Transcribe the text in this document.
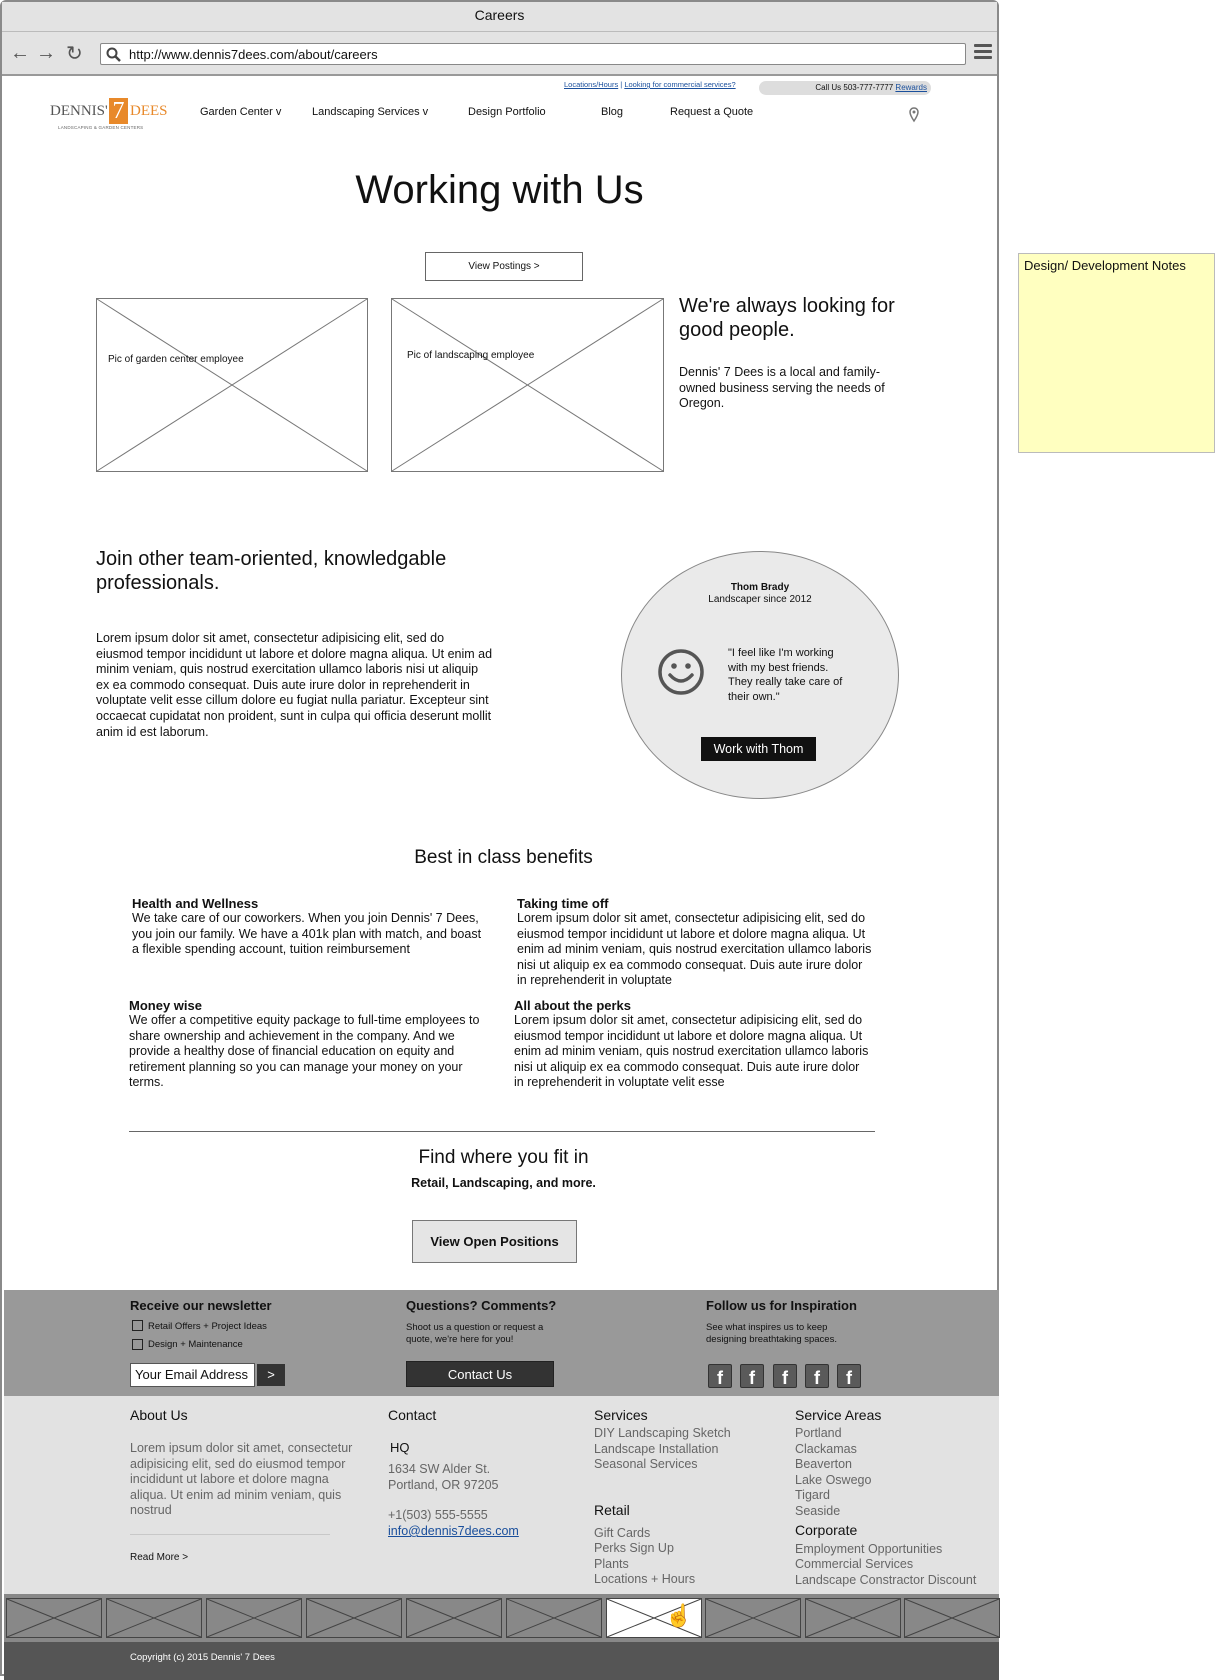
Careers
← → ↻	http://www.dennis7dees.com/about/careers
Locations/Hours | Looking for commercial services?	Call Us 503-777-7777 Rewards
DENNIS' 7 DEES
LANDSCAPING & GARDEN CENTERS
Garden Center v	Landscaping Services v	Design Portfolio	Blog	Request a Quote
Working with Us
View Postings >
Pic of garden center employee	Pic of landscaping employee
We're always looking for good people.
Dennis' 7 Dees is a local and family-owned business serving the needs of Oregon.
Join other team-oriented, knowledgable professionals.
Lorem ipsum dolor sit amet, consectetur adipisicing elit, sed do eiusmod tempor incididunt ut labore et dolore magna aliqua. Ut enim ad minim veniam, quis nostrud exercitation ullamco laboris nisi ut aliquip ex ea commodo consequat. Duis aute irure dolor in reprehenderit in voluptate velit esse cillum dolore eu fugiat nulla pariatur. Excepteur sint occaecat cupidatat non proident, sunt in culpa qui officia deserunt mollit anim id est laborum.
Thom Brady
Landscaper since 2012
"I feel like I'm working with my best friends. They really take care of their own."
Work with Thom
Best in class benefits
Health and Wellness
We take care of our coworkers. When you join Dennis' 7 Dees, you join our family. We have a 401k plan with match, and boast a flexible spending account, tuition reimbursement
Taking time off
Lorem ipsum dolor sit amet, consectetur adipisicing elit, sed do eiusmod tempor incididunt ut labore et dolore magna aliqua. Ut enim ad minim veniam, quis nostrud exercitation ullamco laboris nisi ut aliquip ex ea commodo consequat. Duis aute irure dolor in reprehenderit in voluptate
Money wise
We offer a competitive equity package to full-time employees to share ownership and achievement in the company. And we provide a healthy dose of financial education on equity and retirement planning so you can manage your money on your terms.
All about the perks
Lorem ipsum dolor sit amet, consectetur adipisicing elit, sed do eiusmod tempor incididunt ut labore et dolore magna aliqua. Ut enim ad minim veniam, quis nostrud exercitation ullamco laboris nisi ut aliquip ex ea commodo consequat. Duis aute irure dolor in reprehenderit in voluptate velit esse
Find where you fit in
Retail, Landscaping, and more.
View Open Positions
Receive our newsletter
Retail Offers + Project Ideas
Design + Maintenance
Your Email Address	>
Questions? Comments?
Shoot us a question or request a quote, we're here for you!
Contact Us
Follow us for Inspiration
See what inspires us to keep designing breathtaking spaces.
f	f	f	f	f
About Us
Lorem ipsum dolor sit amet, consectetur adipisicing elit, sed do eiusmod tempor incididunt ut labore et dolore magna aliqua. Ut enim ad minim veniam, quis nostrud
Read More >
Contact
HQ
1634 SW Alder St.
Portland, OR 97205
+1(503) 555-5555
info@dennis7dees.com
Services
DIY Landscaping Sketch
Landscape Installation
Seasonal Services
Retail
Gift Cards
Perks Sign Up
Plants
Locations + Hours
Service Areas
Portland
Clackamas
Beaverton
Lake Oswego
Tigard
Seaside
Corporate
Employment Opportunities
Commercial Services
Landscape Constractor Discount
Copyright (c) 2015 Dennis' 7 Dees
☝
Design/ Development Notes
